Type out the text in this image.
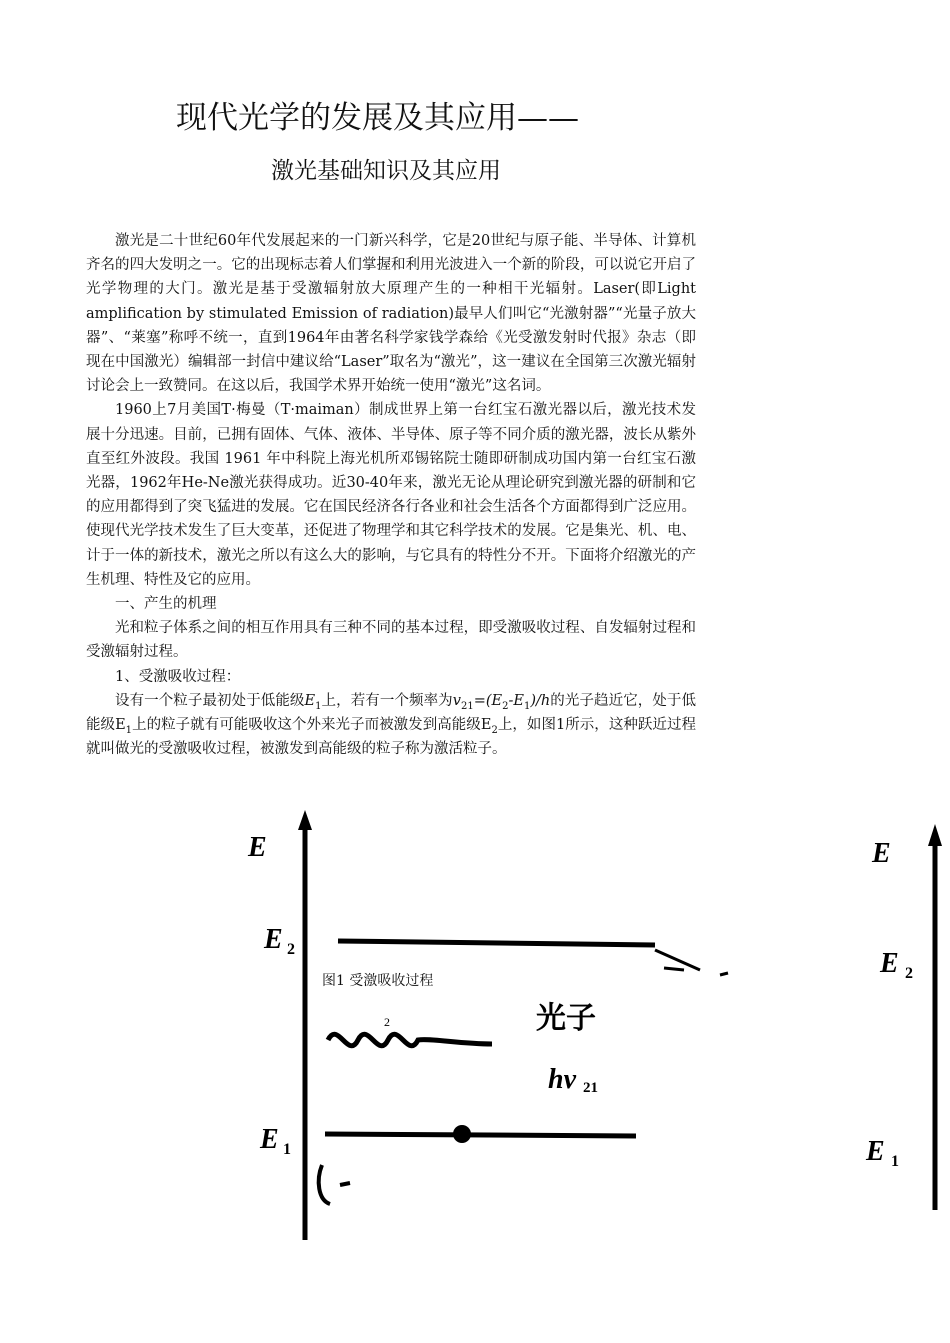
现代光学的发展及其应用——
激光基础知识及其应用

激光是二十世纪60年代发展起来的一门新兴科学，它是20世纪与原子能、半导体、计算机齐名的四大发明之一。它的出现标志着人们掌握和利用光波进入一个新的阶段，可以说它开启了光学物理的大门。激光是基于受激辐射放大原理产生的一种相干光辐射。Laser(即Light amplification by stimulated Emission of radiation)最早人们叫它“光激射器”“光量子放大器”、“莱塞”称呼不统一，直到1964年由著名科学家钱学森给《光受激发射时代报》杂志（即现在中国激光）编辑部一封信中建议给“Laser”取名为“激光”，这一建议在全国第三次激光辐射讨论会上一致赞同。在这以后，我国学术界开始统一使用“激光”这名词。

1960上7月美国T·梅曼（T·maiman）制成世界上第一台红宝石激光器以后，激光技术发展十分迅速。目前，已拥有固体、气体、液体、半导体、原子等不同介质的激光器，波长从紫外直至红外波段。我国 1961 年中科院上海光机所邓锡铭院士随即研制成功国内第一台红宝石激光器，1962年He-Ne激光获得成功。近30-40年来，激光无论从理论研究到激光器的研制和它的应用都得到了突飞猛进的发展。它在国民经济各行各业和社会生活各个方面都得到广泛应用。使现代光学技术发生了巨大变革，还促进了物理学和其它科学技术的发展。它是集光、机、电、计于一体的新技术，激光之所以有这么大的影响，与它具有的特性分不开。下面将介绍激光的产生机理、特性及它的应用。

一、产生的机理

光和粒子体系之间的相互作用具有三种不同的基本过程，即受激吸收过程、自发辐射过程和受激辐射过程。

1、受激吸收过程：

设有一个粒子最初处于低能级$E_1$上，若有一个频率为$v_{21}=(E_2-E_1)/h$的光子趋近它，处于低能级$E_1$上的粒子就有可能吸收这个外来光子而被激发到高能级$E_2$上，如图1所示，这种跃近过程就叫做光的受激吸收过程，被激发到高能级的粒子称为激活粒子。

E
E 2
2	光子
hν 21
E 1
E
E 2
E 1
图1 受激吸收过程
